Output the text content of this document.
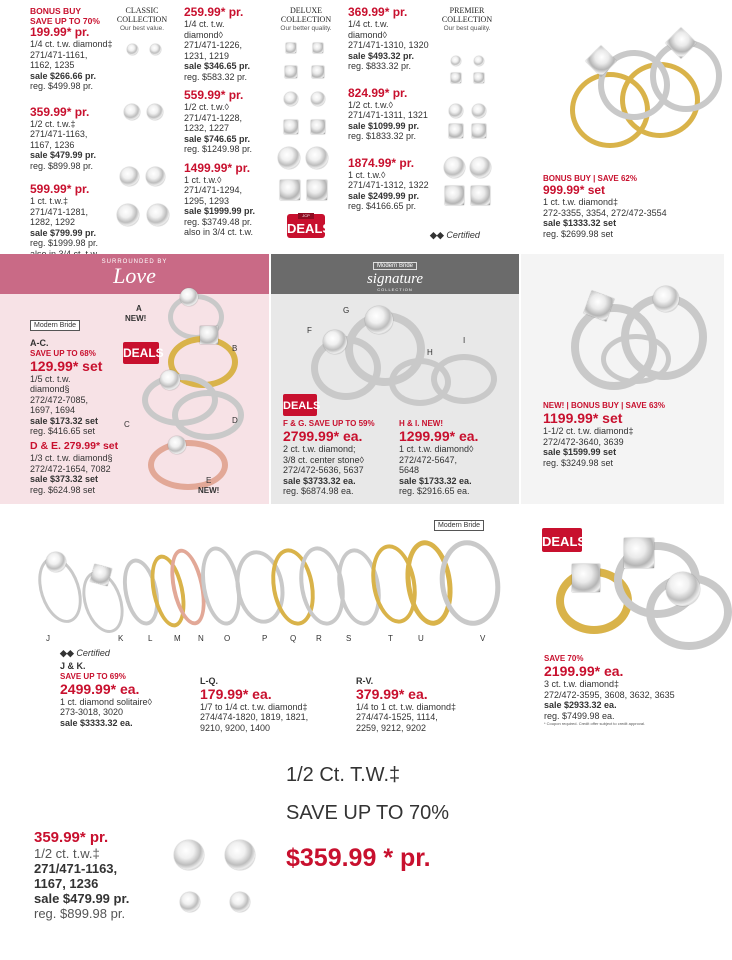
BONUS BUY
SAVE UP TO 70%
199.99* pr.
1/4 ct. t.w. diamond‡
271/471-1161,
1162, 1235
sale $266.66 pr.
reg. $499.98 pr.
359.99* pr.
1/2 ct. t.w.‡
271/471-1163,
1167, 1236
sale $479.99 pr.
reg. $899.98 pr.
599.99* pr.
1 ct. t.w.‡
271/471-1281,
1282, 1292
sale $799.99 pr.
reg. $1999.98 pr.
CLASSIC
COLLECTION
Our best value.
259.99* pr.
1/4 ct. t.w.
diamond◊
271/471-1226,
1231, 1219
sale $346.65 pr.
reg. $583.32 pr.
559.99* pr.
1/2 ct. t.w.◊
271/471-1228,
1232, 1227
sale $746.65 pr.
reg. $1249.98 pr.
1499.99* pr.
1 ct. t.w.◊
271/471-1294,
1295, 1293
sale $1999.99 pr.
reg. $3749.48 pr.
also in 3/4 ct. t.w.
DELUXE
COLLECTION
Our better quality.
DEALS
JCP
369.99* pr.
1/4 ct. t.w.
diamond◊
271/471-1310, 1320
sale $493.32 pr.
reg. $833.32 pr.
824.99* pr.
1/2 ct. t.w.◊
271/471-1311, 1321
sale $1099.99 pr.
reg. $1833.32 pr.
1874.99* pr.
1 ct. t.w.◊
271/471-1312, 1322
sale $2499.99 pr.
reg. $4166.65 pr.
PREMIER
COLLECTION
Our best quality.
◆◆ Certified
BONUS BUY | SAVE 62%
999.99* set
1 ct. t.w. diamond‡
272-3355, 3354, 272/472-3554
sale $1333.32 set
reg. $2699.98 set
SURROUNDED BY
Love
Modern Bride
A-C.
SAVE UP TO 68%
129.99* set
1/5 ct. t.w.
diamond§
272/472-7085,
1697, 1694
sale $173.32 set
reg. $416.65 set
D & E. 279.99* set
1/3 ct. t.w. diamond§
272/472-1654, 7082
sale $373.32 set
reg. $624.98 set
DEALS
A
NEW!
B
C	D
E
NEW!
Modern Bride
signature
COLLECTION
F
G
H
I
DEALS
F & G. SAVE UP TO 59%
2799.99* ea.
2 ct. t.w. diamond;
3/8 ct. center stone◊
272/472-5636, 5637
sale $3733.32 ea.
reg. $6874.98 ea.
H & I. NEW!
1299.99* ea.
1 ct. t.w. diamond◊
272/472-5647,
5648
sale $1733.32 ea.
reg. $2916.65 ea.
NEW! | BONUS BUY | SAVE 63%
1199.99* set
1-1/2 ct. t.w. diamond‡
272/472-3640, 3639
sale $1599.99 set
reg. $3249.98 set
Modern Bride
J	K	L	M N	O	P	Q R	S	T	U	V
◆◆ Certified
J & K.
SAVE UP TO 69%
2499.99* ea.
1 ct. diamond solitaire◊
273-3018, 3020
sale $3333.32 ea.
L-Q.
179.99* ea.
1/7 to 1/4 ct. t.w. diamond‡
274/474-1820, 1819, 1821,
9210, 9200, 1400
R-V.
379.99* ea.
1/4 to 1 ct. t.w. diamond‡
274/474-1525, 1114,
2259, 9212, 9202
DEALS
SAVE 70%
2199.99* ea.
3 ct. t.w. diamond‡
272/472-3595, 3608, 3632, 3635
sale $2933.32 ea.
reg. $7499.98 ea.
* Coupon required. Credit offer subject to credit approval.
1/2 Ct. T.W.‡
SAVE UP TO 70%
$359.99 * pr.
359.99* pr.
1/2 ct. t.w.‡
271/471-1163,
1167, 1236
sale $479.99 pr.
reg. $899.98 pr.
